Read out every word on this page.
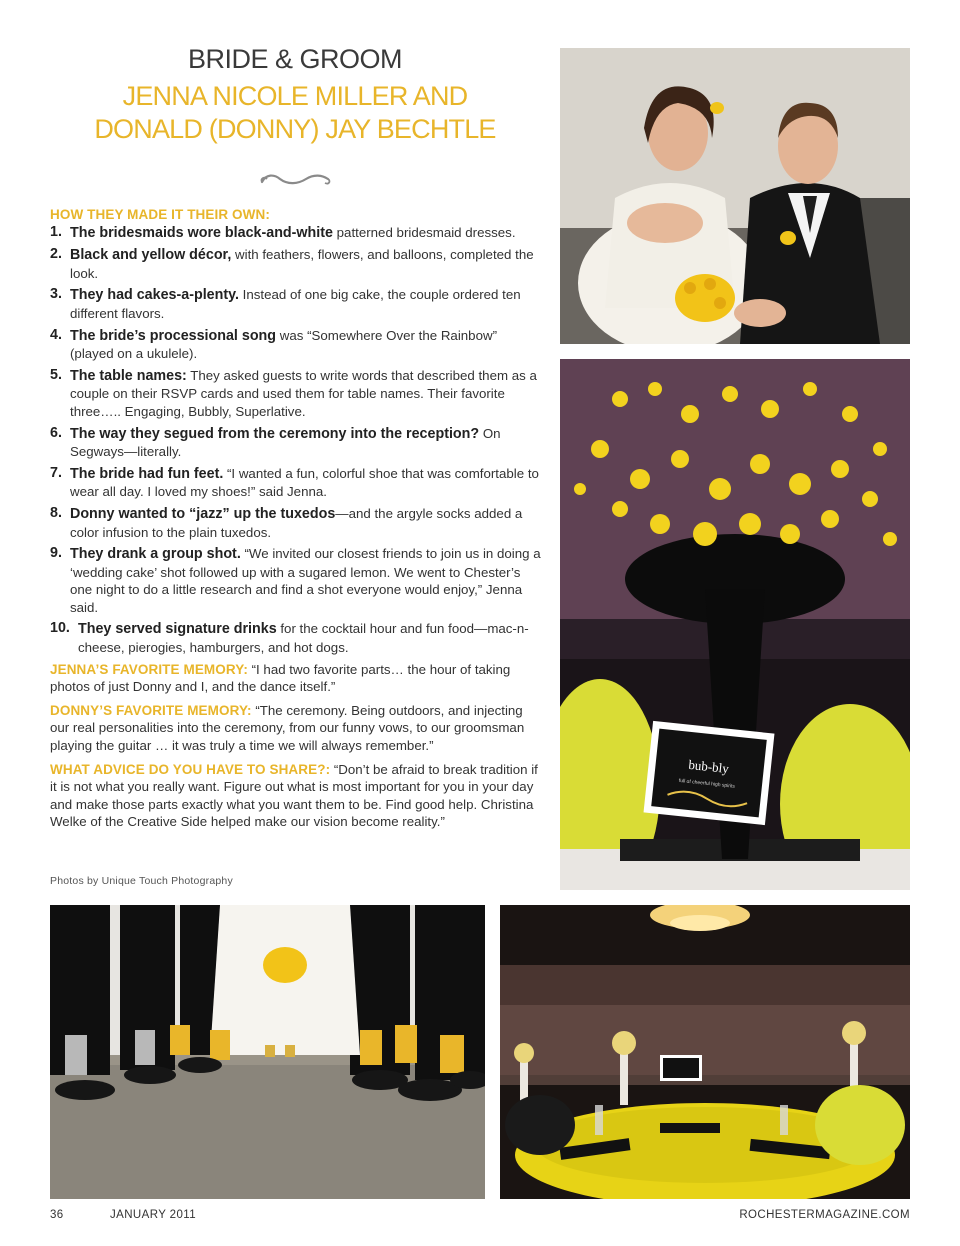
BRIDE & GROOM
JENNA NICOLE MILLER AND
DONALD (DONNY) JAY BECHTLE
HOW THEY MADE IT THEIR OWN:
1. The bridesmaids wore black-and-white patterned bridesmaid dresses.
2. Black and yellow décor, with feathers, flowers, and balloons, completed the look.
3. They had cakes-a-plenty. Instead of one big cake, the couple ordered ten different flavors.
4. The bride’s processional song was “Somewhere Over the Rainbow” (played on a ukulele).
5. The table names: They asked guests to write words that described them as a couple on their RSVP cards and used them for table names. Their favorite three….. Engaging, Bubbly, Superlative.
6. The way they segued from the ceremony into the reception? On Segways—literally.
7. The bride had fun feet. “I wanted a fun, colorful shoe that was comfortable to wear all day. I loved my shoes!” said Jenna.
8. Donny wanted to “jazz” up the tuxedos—and the argyle socks added a color infusion to the plain tuxedos.
9. They drank a group shot. “We invited our closest friends to join us in doing a ‘wedding cake’ shot followed up with a sugared lemon. We went to Chester’s one night to do a little research and find a shot everyone would enjoy,” Jenna said.
10. They served signature drinks for the cocktail hour and fun food—mac-n-cheese, pierogies, hamburgers, and hot dogs.
JENNA’S FAVORITE MEMORY: “I had two favorite parts… the hour of taking photos of just Donny and I, and the dance itself.”
DONNY’S FAVORITE MEMORY: “The ceremony. Being outdoors, and injecting our real personalities into the ceremony, from our funny vows, to our groomsman playing the guitar … it was truly a time we will always remember.”
WHAT ADVICE DO YOU HAVE TO SHARE?: “Don’t be afraid to break tradition if it is not what you really want. Figure out what is most important for you in your day and make those parts exactly what you want them to be. Find good help. Christina Welke of the Creative Side helped make our vision become reality.”
Photos by Unique Touch Photography
bub-bly
full of cheerful high spirits
36	JANUARY 2011	ROCHESTERMAGAZINE.COM
